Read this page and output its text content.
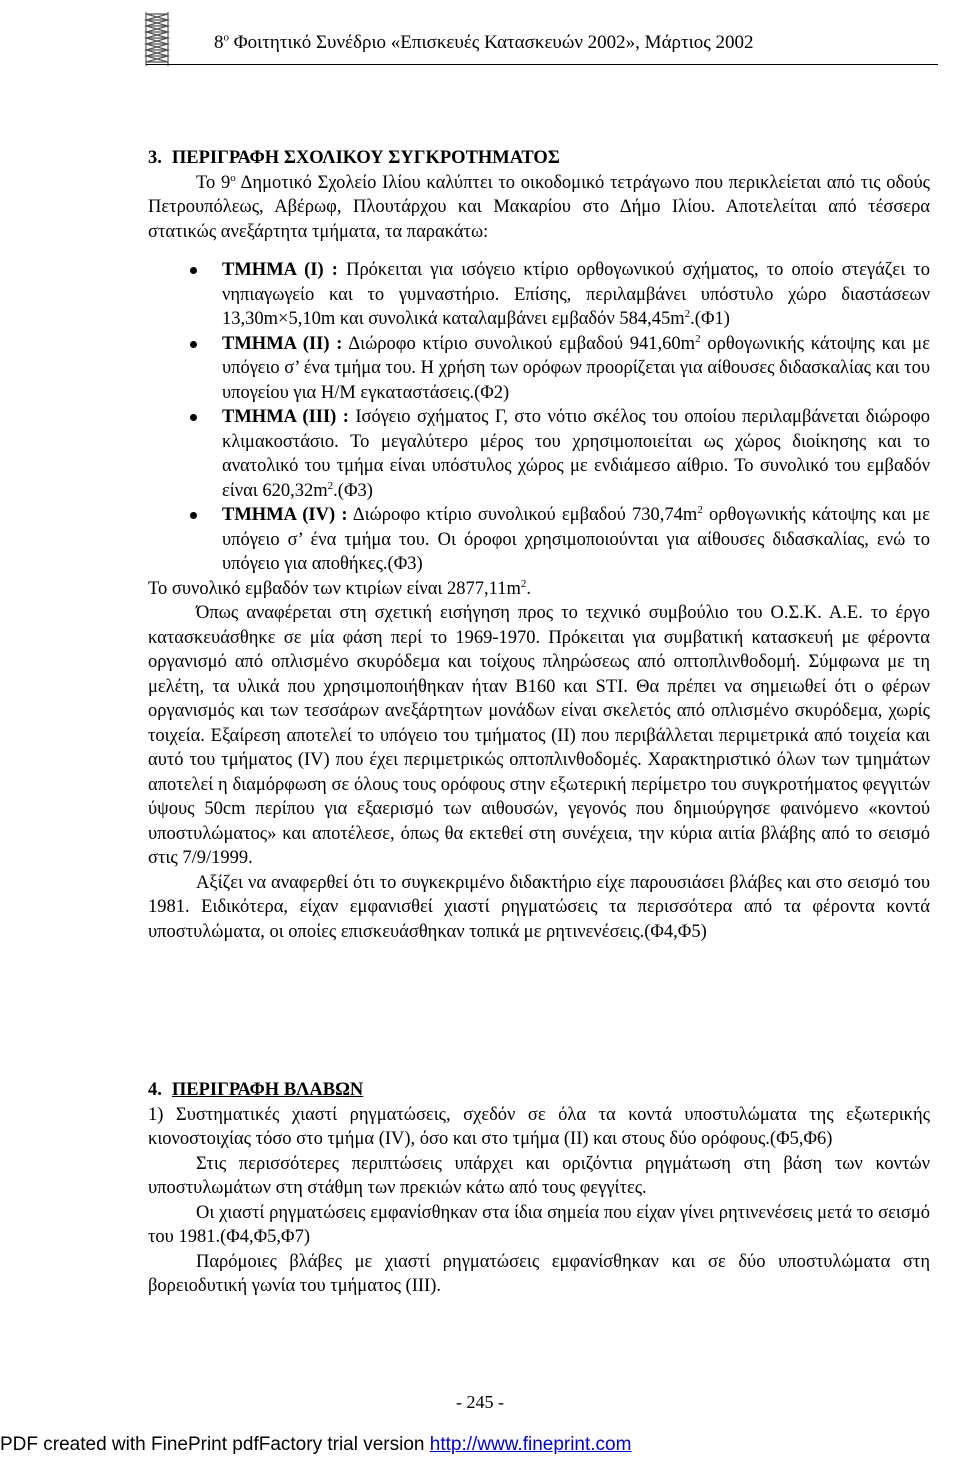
$8^o$ Φοιτητικό Συνέδριο «Επισκευές Κατασκευών 2002», Μάρτιος 2002

3. ΠΕΡΙΓΡΑΦΗ ΣΧΟΛΙΚΟΥ ΣΥΓΚΡΟΤΗΜΑΤΟΣ

Το $9^o$ Δημοτικό Σχολείο Ιλίου καλύπτει το οικοδομικό τετράγωνο που περικλείεται από τις οδούς Πετρουπόλεως, Αβέρωφ, Πλουτάρχου και Μακαρίου στο Δήμο Ιλίου. Αποτελείται από τέσσερα στατικώς ανεξάρτητα τμήματα, τα παρακάτω:

ΤΜΗΜΑ (Ι) : Πρόκειται για ισόγειο κτίριο ορθογωνικού σχήματος, το οποίο στεγάζει το νηπιαγωγείο και το γυμναστήριο. Επίσης, περιλαμβάνει υπόστυλο χώρο διαστάσεων 13,30m×5,10m και συνολικά καταλαμβάνει εμβαδόν $584,45m^2.(\Phi 1)$
ΤΜΗΜΑ (ΙΙ) : Διώροφο κτίριο συνολικού εμβαδού $941,60m^2$ ορθογωνικής κάτοψης και με υπόγειο σ’ ένα τμήμα του. Η χρήση των ορόφων προορίζεται για αίθουσες διδασκαλίας και του υπογείου για Η/Μ εγκαταστάσεις.(Φ2)
ΤΜΗΜΑ (ΙΙΙ) : Ισόγειο σχήματος Γ, στο νότιο σκέλος του οποίου περιλαμβάνεται διώροφο κλιμακοστάσιο. Το μεγαλύτερο μέρος του χρησιμοποιείται ως χώρος διοίκησης και το ανατολικό του τμήμα είναι υπόστυλος χώρος με ενδιάμεσο αίθριο. Το συνολικό του εμβαδόν είναι $620,32m^2.(\Phi 3)$
ΤΜΗΜΑ (IV) : Διώροφο κτίριο συνολικού εμβαδού $730,74m^2$ ορθογωνικής κάτοψης και με υπόγειο σ’ ένα τμήμα του. Οι όροφοι χρησιμοποιούνται για αίθουσες διδασκαλίας, ενώ το υπόγειο για αποθήκες.(Φ3)

Το συνολικό εμβαδόν των κτιρίων είναι $2877,11m^2$.

Όπως αναφέρεται στη σχετική εισήγηση προς το τεχνικό συμβούλιο του Ο.Σ.Κ. Α.Ε. το έργο κατασκευάσθηκε σε μία φάση περί το 1969-1970. Πρόκειται για συμβατική κατασκευή με φέροντα οργανισμό από οπλισμένο σκυρόδεμα και τοίχους πληρώσεως από οπτοπλινθοδομή. Σύμφωνα με τη μελέτη, τα υλικά που χρησιμοποιήθηκαν ήταν Β160 και STI. Θα πρέπει να σημειωθεί ότι ο φέρων οργανισμός και των τεσσάρων ανεξάρτητων μονάδων είναι σκελετός από οπλισμένο σκυρόδεμα, χωρίς τοιχεία. Εξαίρεση αποτελεί το υπόγειο του τμήματος (ΙΙ) που περιβάλλεται περιμετρικά από τοιχεία και αυτό του τμήματος (IV) που έχει περιμετρικώς οπτοπλινθοδομές. Χαρακτηριστικό όλων των τμημάτων αποτελεί η διαμόρφωση σε όλους τους ορόφους στην εξωτερική περίμετρο του συγκροτήματος φεγγιτών ύψους 50cm περίπου για εξαερισμό των αιθουσών, γεγονός που δημιούργησε φαινόμενο «κοντού υποστυλώματος» και αποτέλεσε, όπως θα εκτεθεί στη συνέχεια, την κύρια αιτία βλάβης από το σεισμό στις 7/9/1999.

Αξίζει να αναφερθεί ότι το συγκεκριμένο διδακτήριο είχε παρουσιάσει βλάβες και στο σεισμό του 1981. Ειδικότερα, είχαν εμφανισθεί χιαστί ρηγματώσεις τα περισσότερα από τα φέροντα κοντά υποστυλώματα, οι οποίες επισκευάσθηκαν τοπικά με ρητινενέσεις.(Φ4,Φ5)

4. ΠΕΡΙΓΡΑΦΗ ΒΛΑΒΩΝ

1) Συστηματικές χιαστί ρηγματώσεις, σχεδόν σε όλα τα κοντά υποστυλώματα της εξωτερικής κιονοστοιχίας τόσο στο τμήμα (IV), όσο και στο τμήμα (ΙΙ) και στους δύο ορόφους.(Φ5,Φ6)

Στις περισσότερες περιπτώσεις υπάρχει και οριζόντια ρηγμάτωση στη βάση των κοντών υποστυλωμάτων στη στάθμη των πρεκιών κάτω από τους φεγγίτες.

Οι χιαστί ρηγματώσεις εμφανίσθηκαν στα ίδια σημεία που είχαν γίνει ρητινενέσεις μετά το σεισμό του 1981.(Φ4,Φ5,Φ7)

Παρόμοιες βλάβες με χιαστί ρηγματώσεις εμφανίσθηκαν και σε δύο υποστυλώματα στη βορειοδυτική γωνία του τμήματος (ΙΙΙ).

- 245 -
PDF created with FinePrint pdfFactory trial version http://www.fineprint.com
